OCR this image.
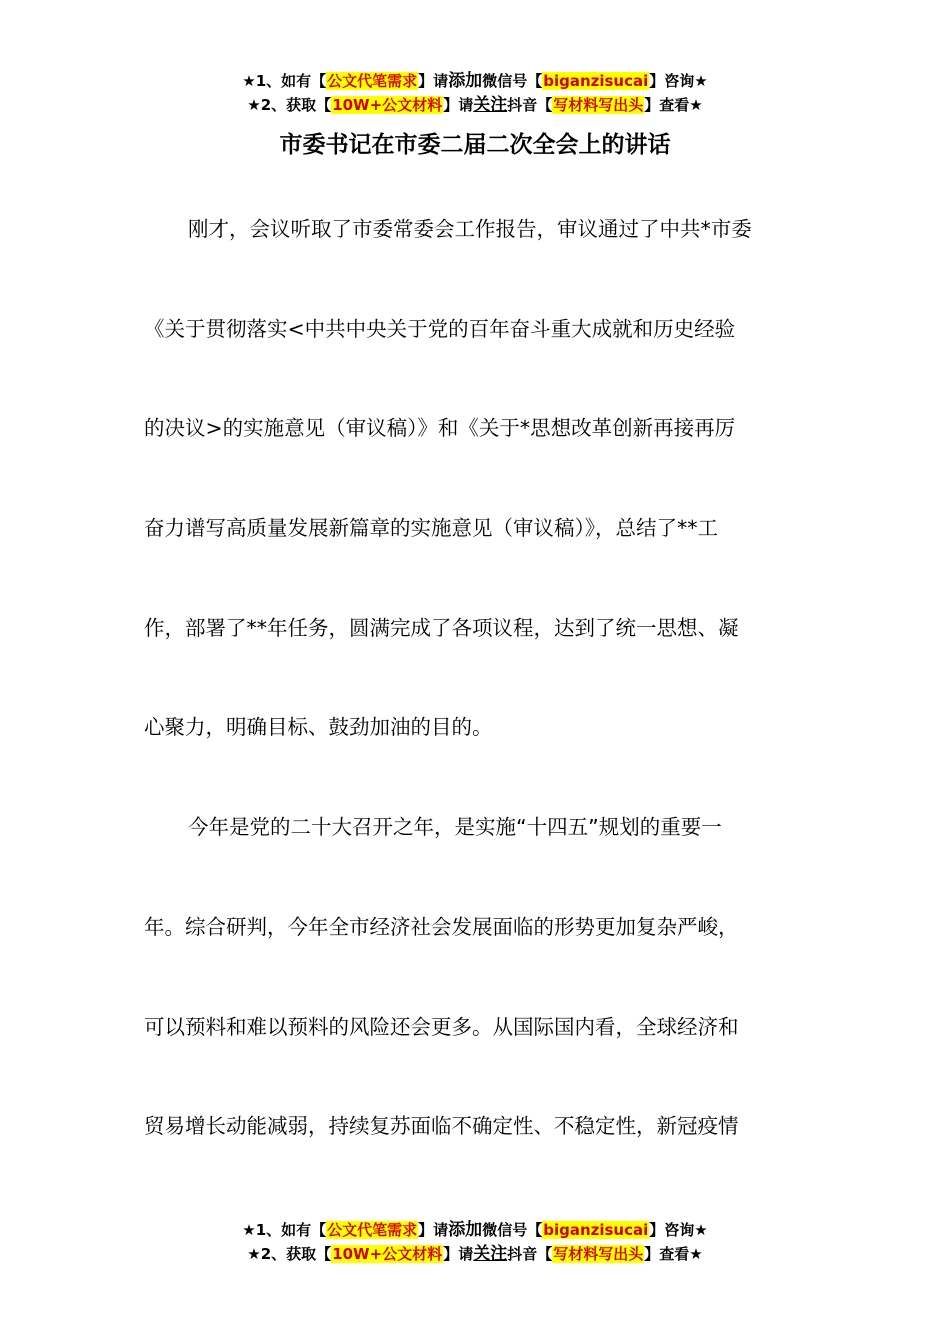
★1、如有【公文代笔需求】请添加微信号【biganzisucai】咨询★
★2、获取【10W+公文材料】请关注抖音【写材料写出头】查看★
市委书记在市委二届二次全会上的讲话
刚才，会议听取了市委常委会工作报告，审议通过了中共*市委
《关于贯彻落实<中共中央关于党的百年奋斗重大成就和历史经验
的决议>的实施意见（审议稿）》和《关于*思想改革创新再接再厉
奋力谱写高质量发展新篇章的实施意见（审议稿）》，总结了**工
作，部署了**年任务，圆满完成了各项议程，达到了统一思想、凝
心聚力，明确目标、鼓劲加油的目的。
今年是党的二十大召开之年，是实施“十四五”规划的重要一
年。综合研判，今年全市经济社会发展面临的形势更加复杂严峻，
可以预料和难以预料的风险还会更多。从国际国内看，全球经济和
贸易增长动能减弱，持续复苏面临不确定性、不稳定性，新冠疫情
★1、如有【公文代笔需求】请添加微信号【biganzisucai】咨询★
★2、获取【10W+公文材料】请关注抖音【写材料写出头】查看★
